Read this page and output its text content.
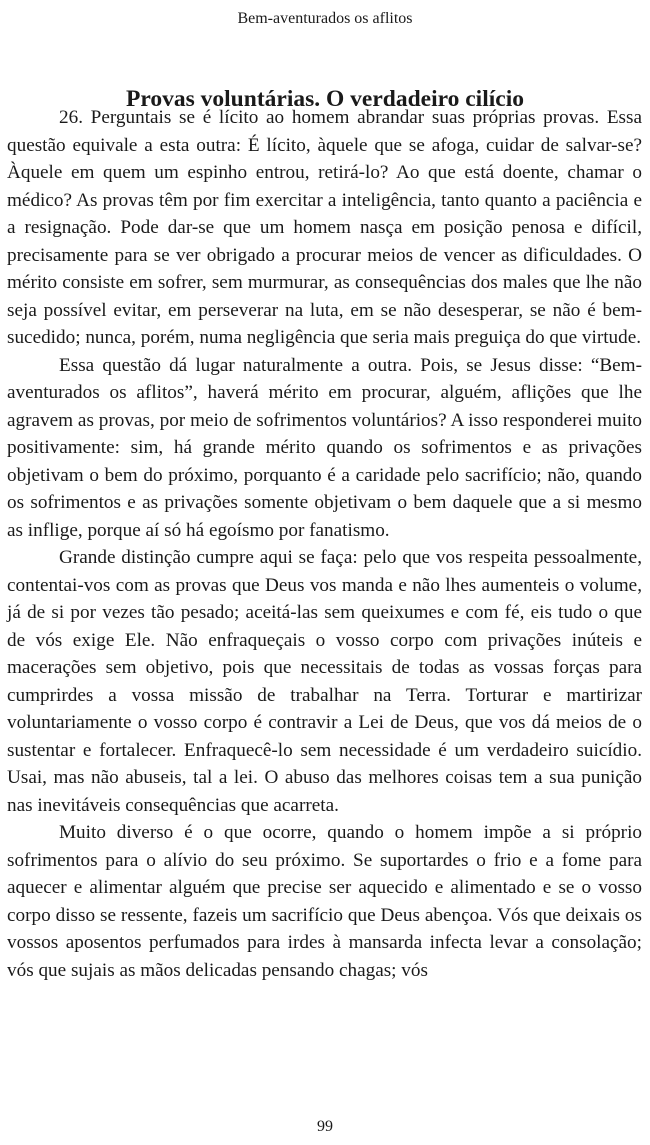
Bem-aventurados os aflitos
Provas voluntárias. O verdadeiro cilício

26. Perguntais se é lícito ao homem abrandar suas próprias provas. Essa questão equivale a esta outra: É lícito, àquele que se afoga, cuidar de salvar-se? Àquele em quem um espinho entrou, retirá-lo? Ao que está doente, chamar o médico? As provas têm por fim exercitar a inteligência, tanto quanto a paciência e a resignação. Pode dar-se que um homem nasça em posição penosa e difícil, precisamente para se ver obrigado a procurar meios de vencer as dificuldades. O mérito consiste em sofrer, sem murmurar, as consequências dos males que lhe não seja possível evitar, em perseverar na luta, em se não desesperar, se não é bem-sucedido; nunca, porém, numa negligência que seria mais preguiça do que virtude.

Essa questão dá lugar naturalmente a outra. Pois, se Jesus disse: “Bem-aventurados os aflitos”, haverá mérito em procurar, alguém, aflições que lhe agravem as provas, por meio de sofrimentos voluntários? A isso responderei muito positivamente: sim, há grande mérito quando os sofrimentos e as privações objetivam o bem do próximo, porquanto é a caridade pelo sacrifício; não, quando os sofrimentos e as privações somente objetivam o bem daquele que a si mesmo as inflige, porque aí só há egoísmo por fanatismo.

Grande distinção cumpre aqui se faça: pelo que vos respeita pessoalmente, contentai-vos com as provas que Deus vos manda e não lhes aumenteis o volume, já de si por vezes tão pesado; aceitá-las sem queixumes e com fé, eis tudo o que de vós exige Ele. Não enfraqueçais o vosso corpo com privações inúteis e macerações sem objetivo, pois que necessitais de todas as vossas forças para cumprirdes a vossa missão de trabalhar na Terra. Torturar e martirizar voluntariamente o vosso corpo é contravir a Lei de Deus, que vos dá meios de o sustentar e fortalecer. Enfraquecê-lo sem necessidade é um verdadeiro suicídio. Usai, mas não abuseis, tal a lei. O abuso das melhores coisas tem a sua punição nas inevitáveis consequências que acarreta.

Muito diverso é o que ocorre, quando o homem impõe a si próprio sofrimentos para o alívio do seu próximo. Se suportardes o frio e a fome para aquecer e alimentar alguém que precise ser aquecido e alimentado e se o vosso corpo disso se ressente, fazeis um sacrifício que Deus abençoa. Vós que deixais os vossos aposentos perfumados para irdes à mansarda infecta levar a consolação; vós que sujais as mãos delicadas pensando chagas; vós

99
